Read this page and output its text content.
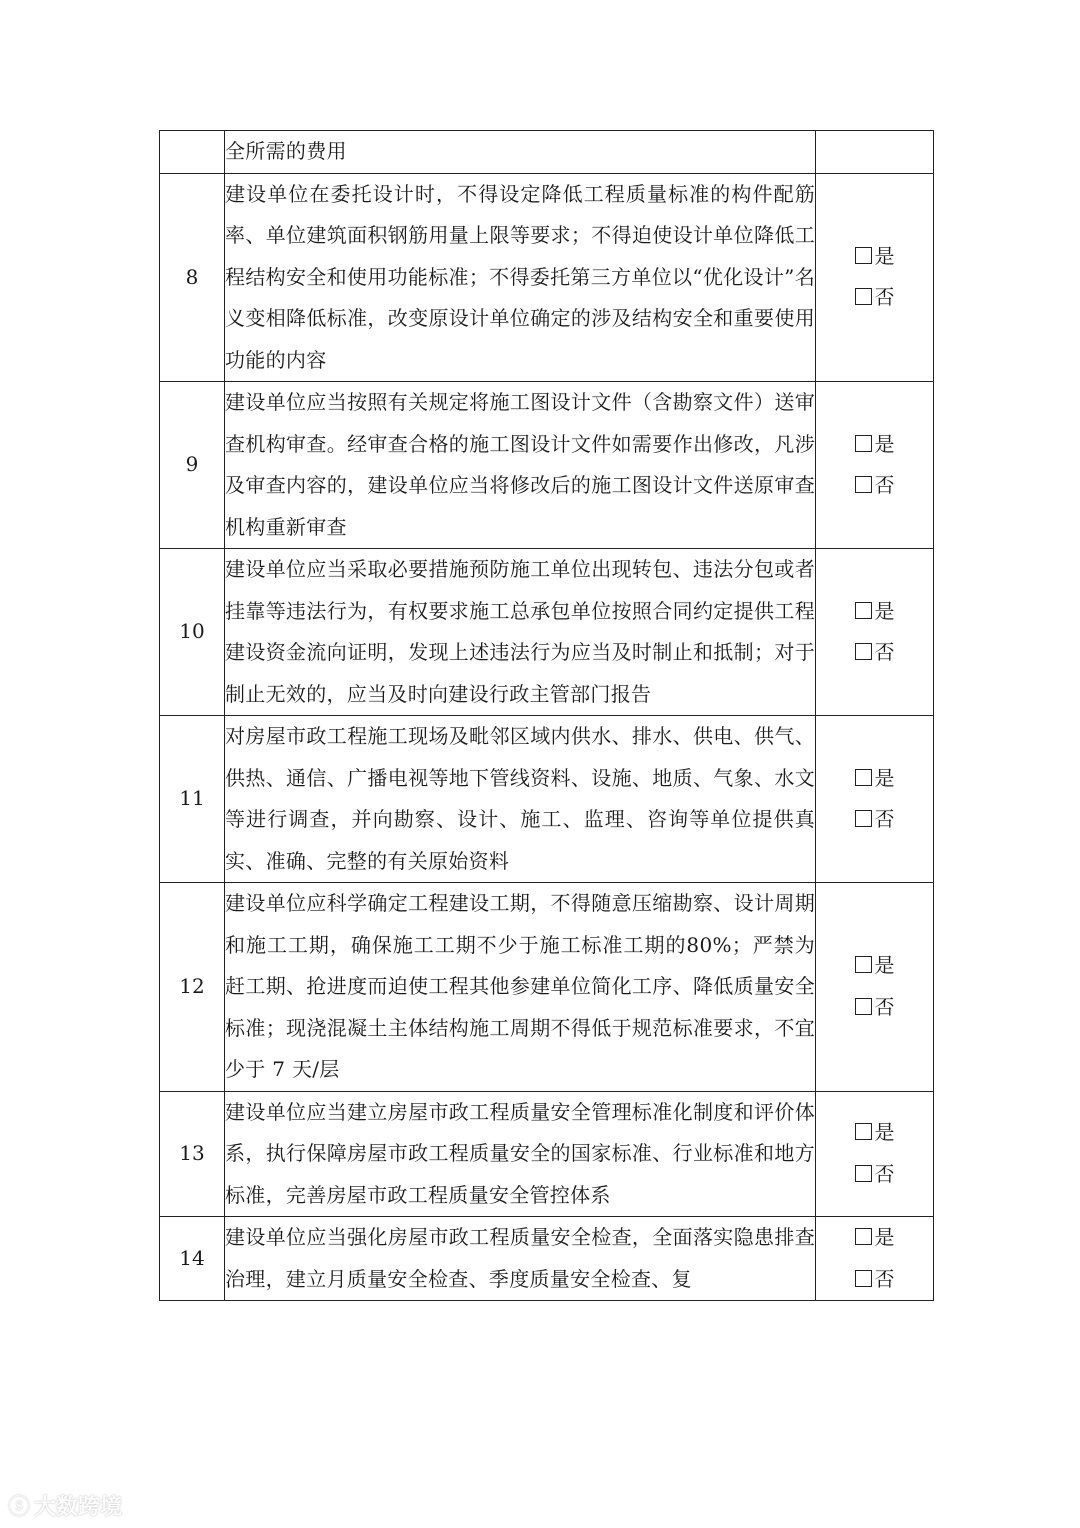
	全所需的费用	
8	建设单位在委托设计时，不得设定降低工程质量标准的构件配筋率、单位建筑面积钢筋用量上限等要求；不得迫使设计单位降低工程结构安全和使用功能标准；不得委托第三方单位以“优化设计”名义变相降低标准，改变原设计单位确定的涉及结构安全和重要使用功能的内容	是
否

9	建设单位应当按照有关规定将施工图设计文件（含勘察文件）送审查机构审查。经审查合格的施工图设计文件如需要作出修改，凡涉及审查内容的，建设单位应当将修改后的施工图设计文件送原审查机构重新审查	是
否

10	建设单位应当采取必要措施预防施工单位出现转包、违法分包或者挂靠等违法行为，有权要求施工总承包单位按照合同约定提供工程建设资金流向证明，发现上述违法行为应当及时制止和抵制；对于制止无效的，应当及时向建设行政主管部门报告	是
否

11	对房屋市政工程施工现场及毗邻区域内供水、排水、供电、供气、供热、通信、广播电视等地下管线资料、设施、地质、气象、水文等进行调查，并向勘察、设计、施工、监理、咨询等单位提供真实、准确、完整的有关原始资料	是
否

12	建设单位应科学确定工程建设工期，不得随意压缩勘察、设计周期和施工工期，确保施工工期不少于施工标准工期的80%；严禁为赶工期、抢进度而迫使工程其他参建单位简化工序、降低质量安全标准；现浇混凝土主体结构施工周期不得低于规范标准要求，不宜少于 7 天/层	是
否

13	建设单位应当建立房屋市政工程质量安全管理标准化制度和评价体系，执行保障房屋市政工程质量安全的国家标准、行业标准和地方标准，完善房屋市政工程质量安全管控体系	是
否

14	建设单位应当强化房屋市政工程质量安全检查，全面落实隐患排查治理，建立月质量安全检查、季度质量安全检查、复	是
否
ⓢ 大数跨境
